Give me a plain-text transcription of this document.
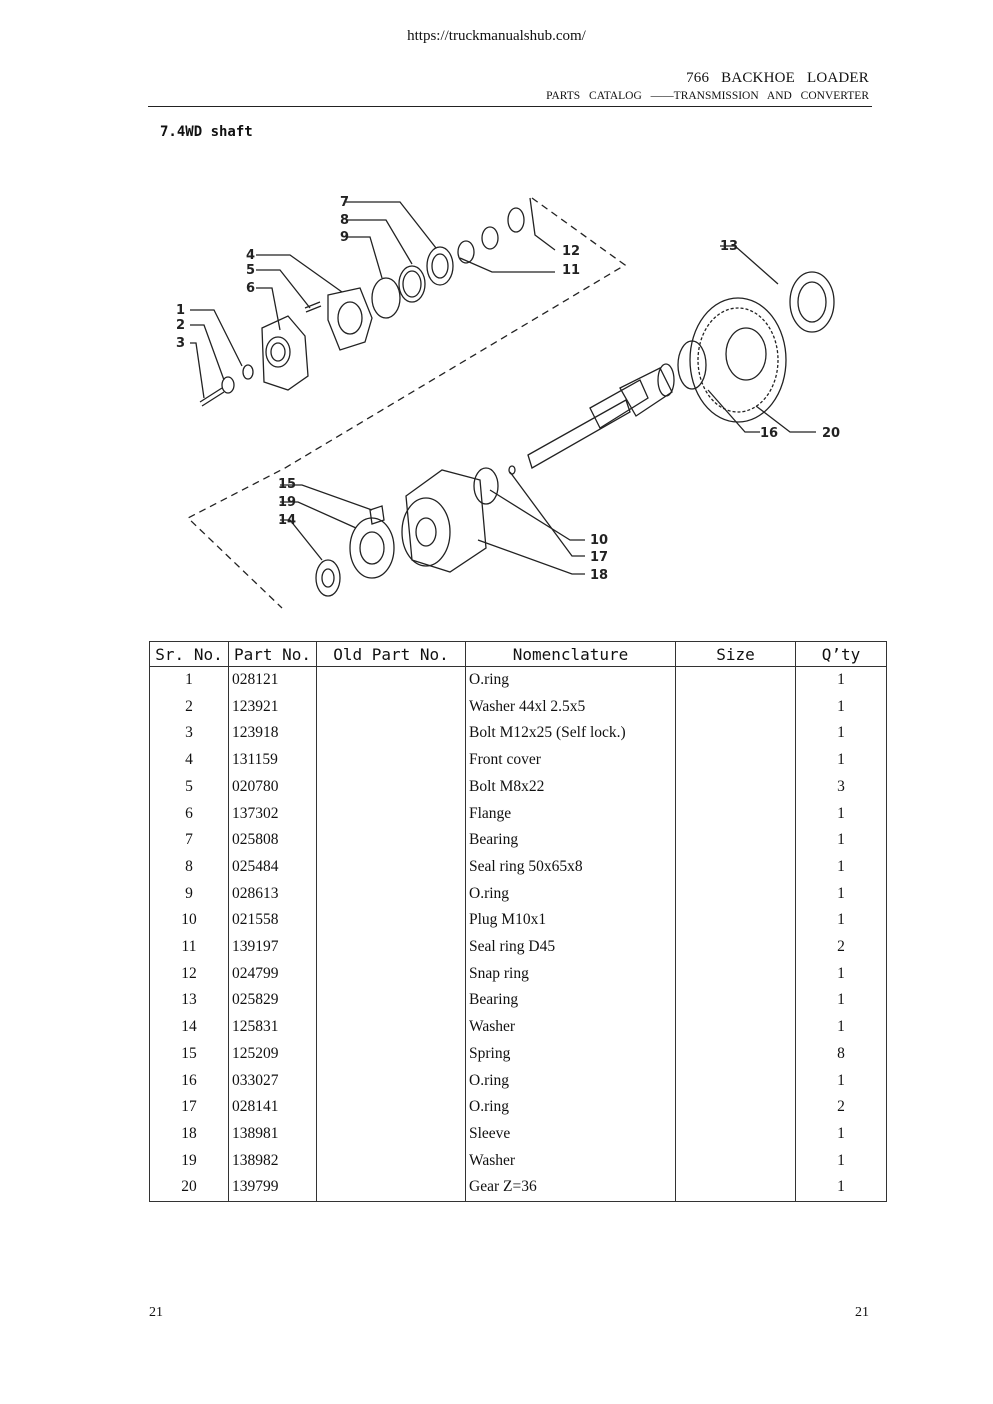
https://truckmanualshub.com/
766 BACKHOE LOADER
PARTS CATALOG ——TRANSMISSION AND CONVERTER
7.4WD shaft
7
8
9
4
5
6
1
2
3
12
11
13
16	20
15
19
14
10
17
18
Sr. No.	Part No.	Old Part No.	Nomenclature	Size	Q’ty
1	028121		O.ring		1
2	123921		Washer 44xl 2.5x5		1
3	123918		Bolt M12x25 (Self lock.)		1
4	131159		Front cover		1
5	020780		Bolt M8x22		3
6	137302		Flange		1
7	025808		Bearing		1
8	025484		Seal ring 50x65x8		1
9	028613		O.ring		1
10	021558		Plug M10x1		1
11	139197		Seal ring D45		2
12	024799		Snap ring		1
13	025829		Bearing		1
14	125831		Washer		1
15	125209		Spring		8
16	033027		O.ring		1
17	028141		O.ring		2
18	138981		Sleeve		1
19	138982		Washer		1
20	139799		Gear Z=36		1
21	21
